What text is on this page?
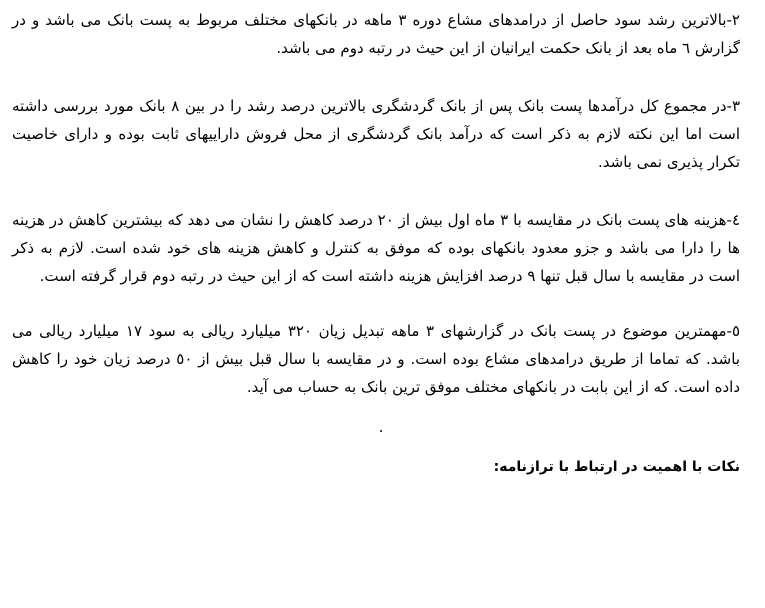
۲-بالاترین رشد سود حاصل از درامدهای مشاع دوره ۳ ماهه در بانکهای مختلف مربوط به پست بانک می باشد و در گزارش ٦ ماه بعد از بانک حکمت ایرانیان از این حیث در رتبه دوم می باشد.

۳-در مجموع کل درآمدها پست بانک پس از بانک گردشگری بالاترین درصد رشد را در بین ۸ بانک مورد بررسی داشته است اما این نکته لازم به ذکر است که درآمد بانک گردشگری از محل فروش داراییهای ثابت بوده و دارای خاصیت تکرار پذیری نمی باشد.

٤-هزینه های پست بانک در مقایسه با ۳ ماه اول بیش از ۲۰ درصد کاهش را نشان می دهد که بیشترین کاهش در هزینه ها را دارا می باشد و جزو معدود بانکهای بوده که موفق به کنترل و کاهش هزینه های خود شده است. لازم به ذکر است در مقایسه با سال قبل تنها ۹ درصد افزایش هزینه داشته است که از این حیث در رتبه دوم قرار گرفته است.

٥-مهمترین موضوع در پست بانک در گزارشهای ۳ ماهه تبدیل زیان ۳۲۰ میلیارد ریالی به سود ۱۷ میلیارد ریالی می باشد. که تماما از طریق درامدهای مشاع بوده است. و در مقایسه با سال قبل بیش از ٥۰ درصد زیان خود را کاهش داده است. که از این بابت در بانکهای مختلف موفق ترین بانک به حساب می آید.

.
نکات با اهمیت در ارتباط با ترازنامه:
